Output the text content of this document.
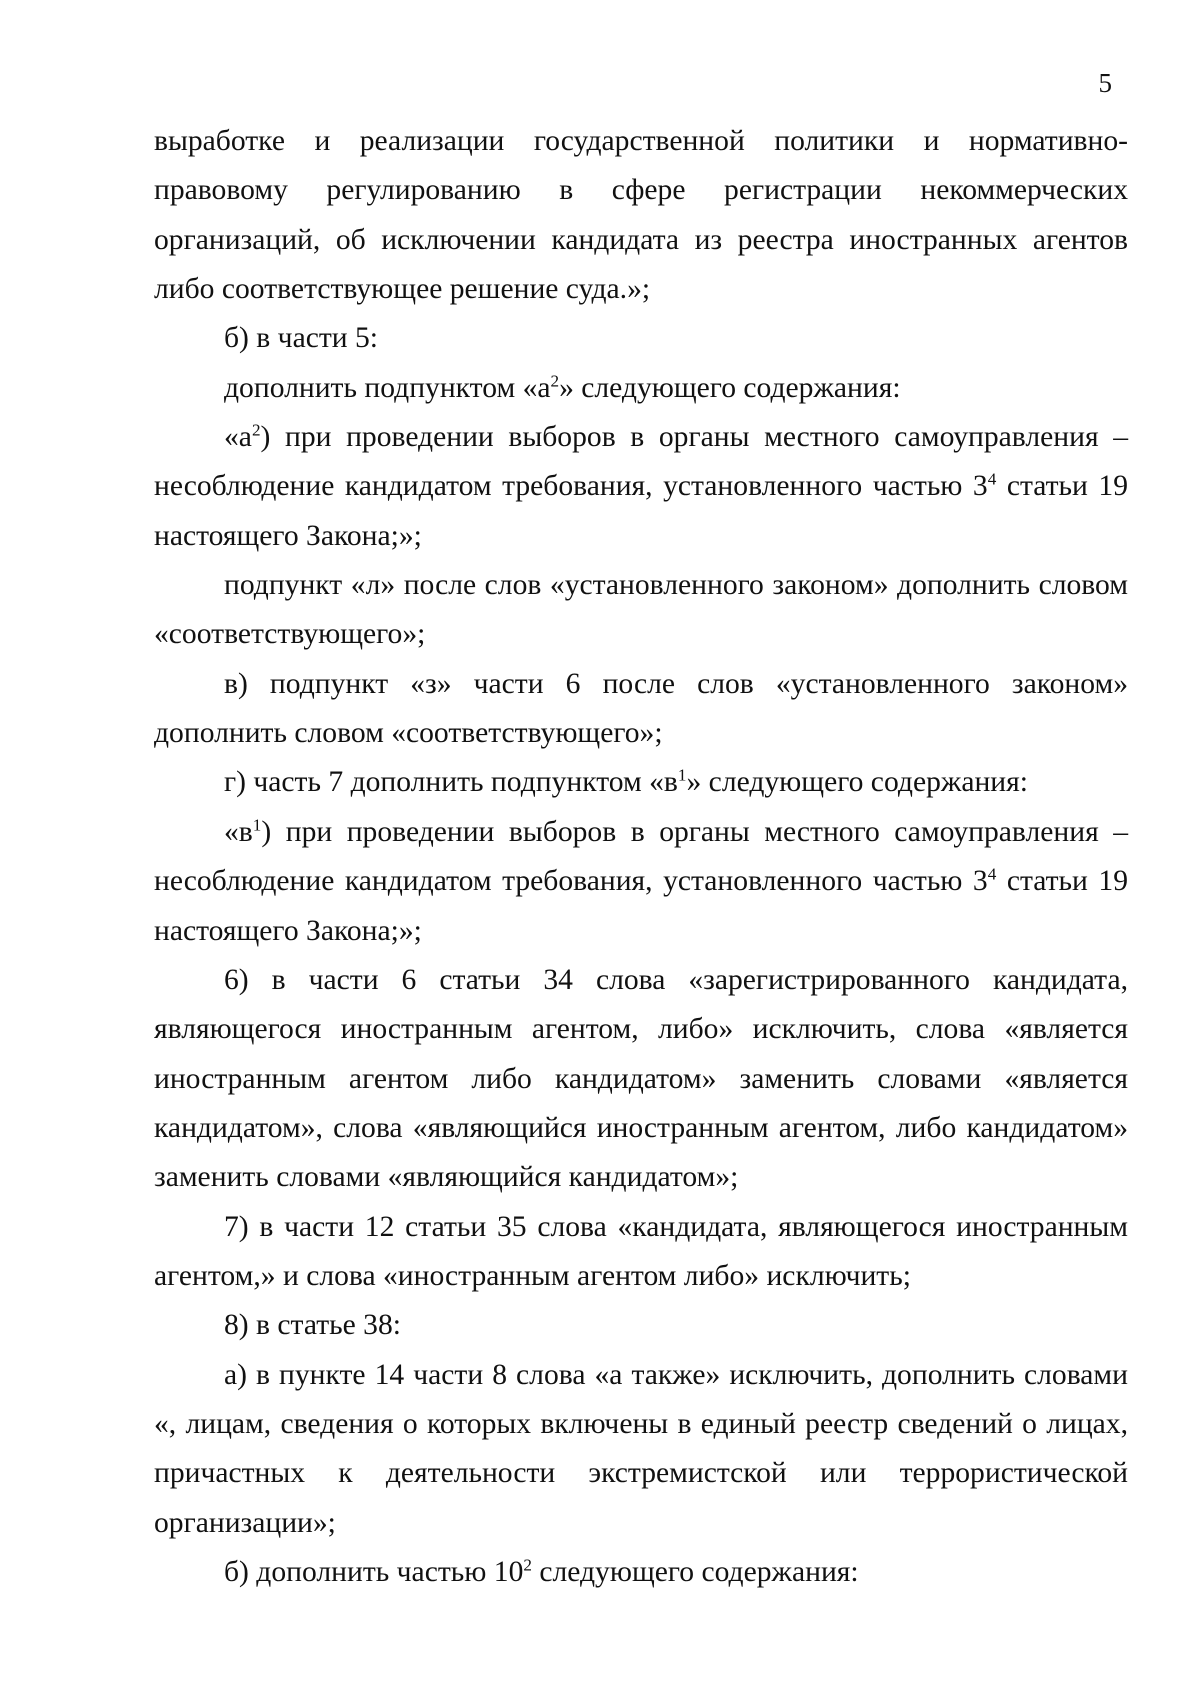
5

выработке и реализации государственной политики и нормативно-правовому регулированию в сфере регистрации некоммерческих организаций, об исключении кандидата из реестра иностранных агентов либо соответствующее решение суда.»;

б) в части 5:

дополнить подпунктом «$а^2$» следующего содержания:

«$а^2$) при проведении выборов в органы местного самоуправления – несоблюдение кандидатом требования, установленного частью $3^4$ статьи 19 настоящего Закона;»;

подпункт «л» после слов «установленного законом» дополнить словом «соответствующего»;

в) подпункт «з» части 6 после слов «установленного законом» дополнить словом «соответствующего»;

г) часть 7 дополнить подпунктом «$в^1$» следующего содержания:

«$в^1$) при проведении выборов в органы местного самоуправления – несоблюдение кандидатом требования, установленного частью $3^4$ статьи 19 настоящего Закона;»;

6) в части 6 статьи 34 слова «зарегистрированного кандидата, являющегося иностранным агентом, либо» исключить, слова «является иностранным агентом либо кандидатом» заменить словами «является кандидатом», слова «являющийся иностранным агентом, либо кандидатом» заменить словами «являющийся кандидатом»;

7) в части 12 статьи 35 слова «кандидата, являющегося иностранным агентом,» и слова «иностранным агентом либо» исключить;

8) в статье 38:

а) в пункте 14 части 8 слова «а также» исключить, дополнить словами «, лицам, сведения о которых включены в единый реестр сведений о лицах, причастных к деятельности экстремистской или террористической организации»;

б) дополнить частью $10^2$ следующего содержания:
